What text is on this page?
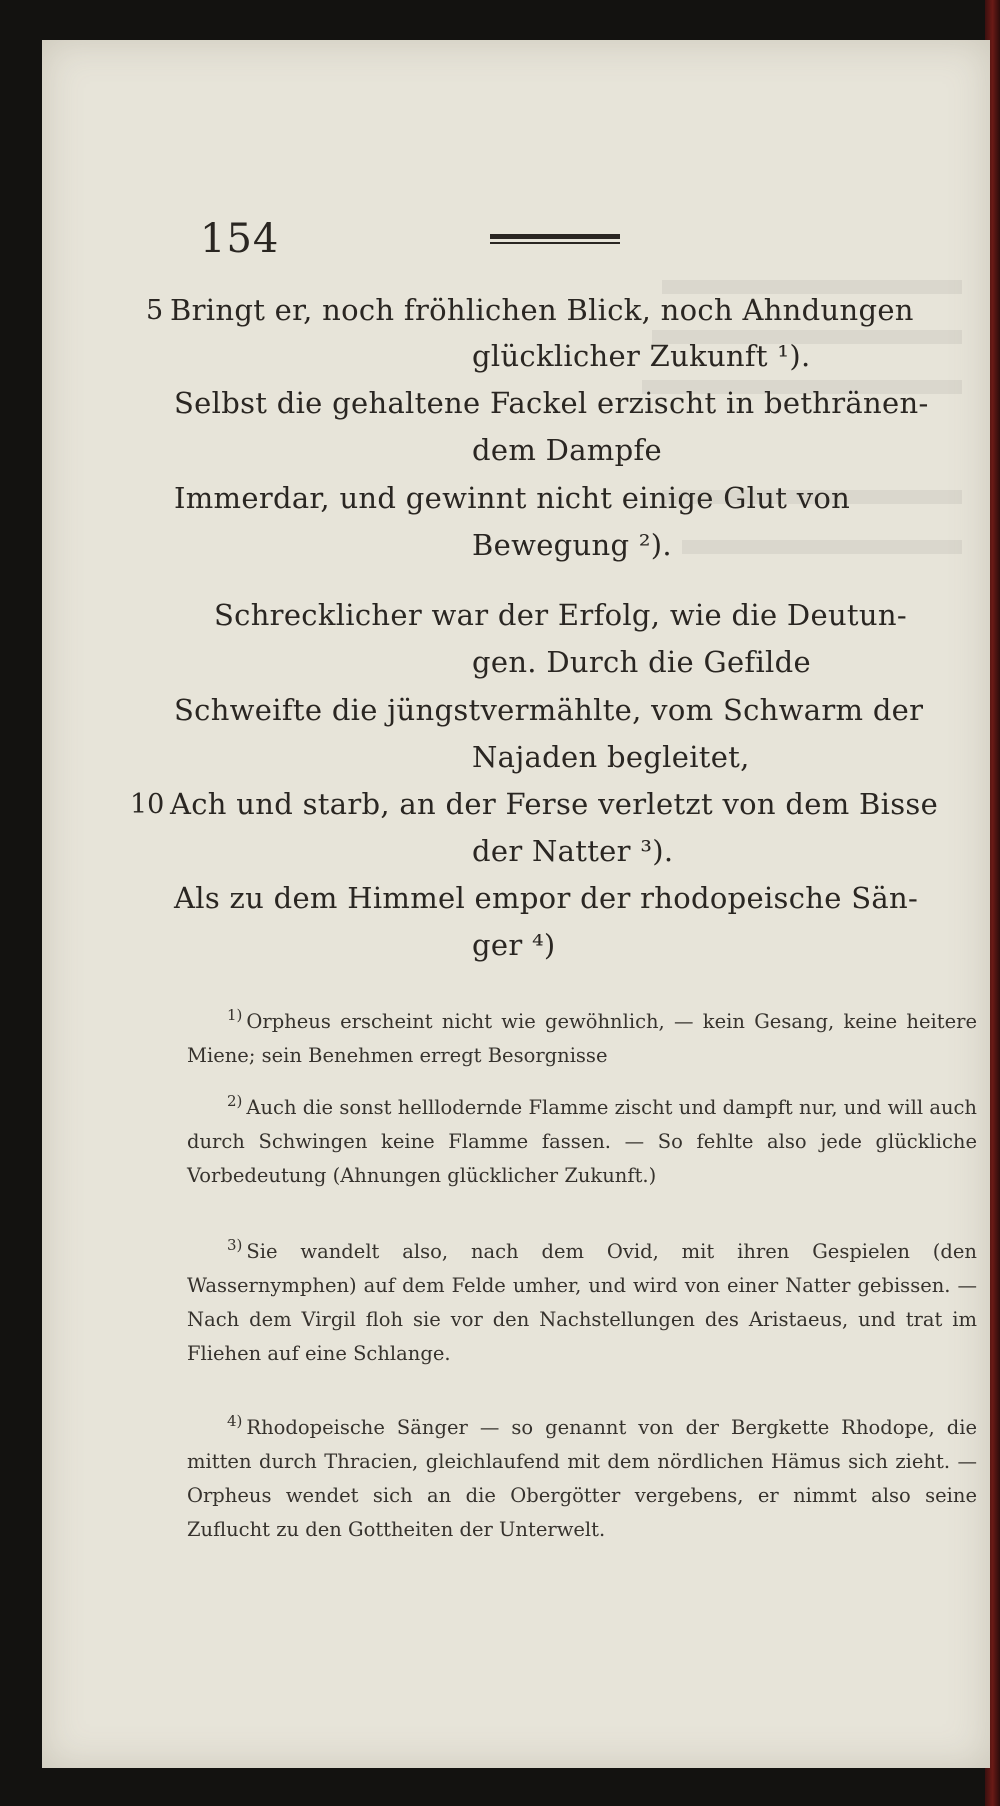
154
5 Bringt er, noch fröhlichen Blick, noch Ahndungen
glücklicher Zukunft ¹).
Selbst die gehaltene Fackel erzischt in bethränen-
dem Dampfe
Immerdar, und gewinnt nicht einige Glut von
Bewegung ²).
Schrecklicher war der Erfolg, wie die Deutun-
gen. Durch die Gefilde
Schweifte die jüngstvermählte, vom Schwarm der
Najaden begleitet,
10 Ach und starb, an der Ferse verletzt von dem Bisse
der Natter ³).
Als zu dem Himmel empor der rhodopeische Sän-
ger ⁴)
$^{1)}$ Orpheus erscheint nicht wie gewöhnlich, — kein Gesang, keine heitere Miene; sein Benehmen erregt Besorgnisse
$^{2)}$ Auch die sonst helllodernde Flamme zischt und dampft nur, und will auch durch Schwingen keine Flamme fassen. — So fehlte also jede glückliche Vorbedeutung (Ahnungen glücklicher Zukunft.)
$^{3)}$ Sie wandelt also, nach dem Ovid, mit ihren Gespielen (den Wassernymphen) auf dem Felde umher, und wird von einer Natter gebissen. — Nach dem Virgil floh sie vor den Nachstellungen des Aristaeus, und trat im Fliehen auf eine Schlange.
$^{4)}$ Rhodopeische Sänger — so genannt von der Bergkette Rhodope, die mitten durch Thracien, gleichlaufend mit dem nördlichen Hämus sich zieht. — Orpheus wendet sich an die Obergötter vergebens, er nimmt also seine Zuflucht zu den Gottheiten der Unterwelt.
